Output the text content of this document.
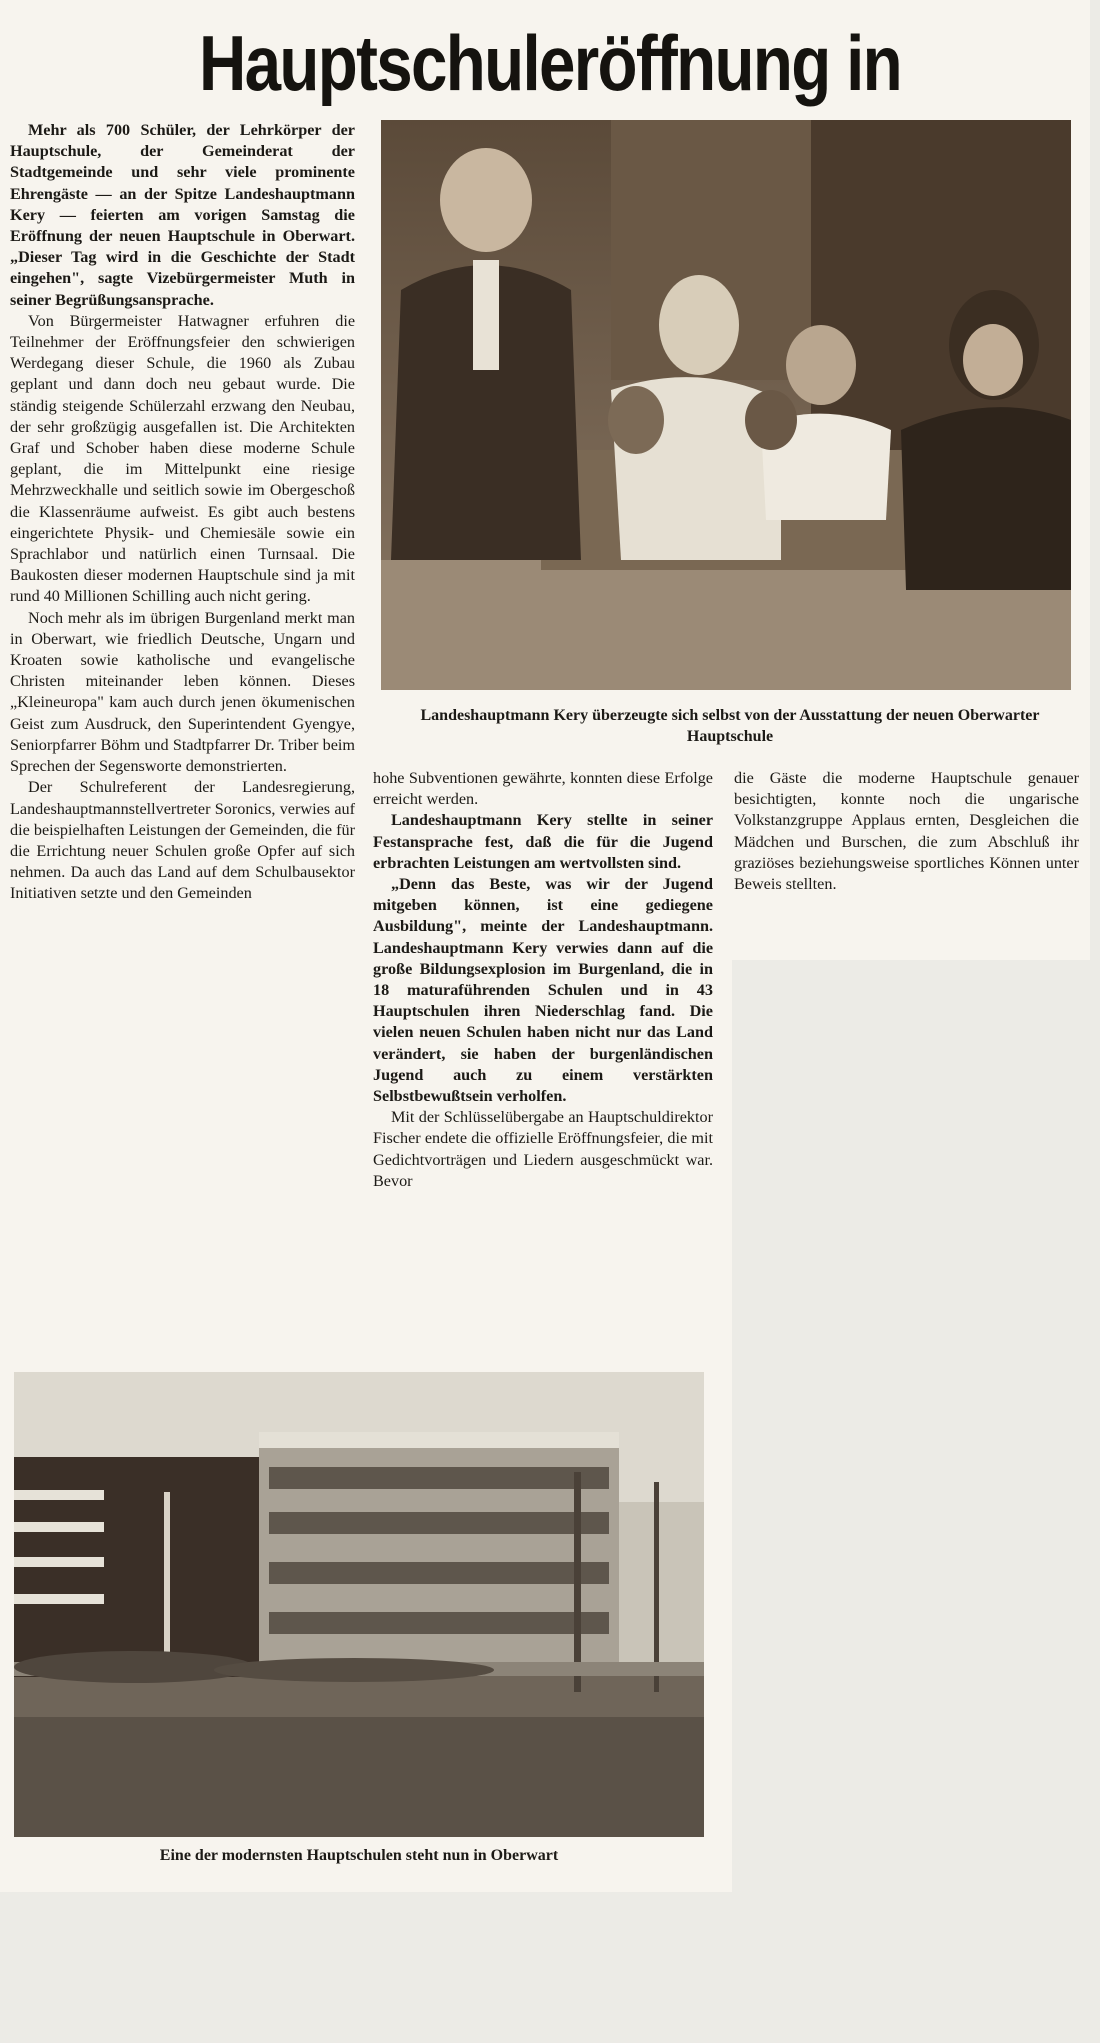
Hauptschuleröffnung in

Mehr als 700 Schüler, der Lehrkörper der Hauptschule, der Gemeinderat der Stadtgemeinde und sehr viele prominente Ehrengäste — an der Spitze Landeshauptmann Kery — feierten am vorigen Samstag die Eröffnung der neuen Hauptschule in Oberwart. „Dieser Tag wird in die Geschichte der Stadt eingehen", sagte Vizebürgermeister Muth in seiner Begrüßungsansprache.

Von Bürgermeister Hatwagner erfuhren die Teilnehmer der Eröffnungsfeier den schwierigen Werdegang dieser Schule, die 1960 als Zubau geplant und dann doch neu gebaut wurde. Die ständig steigende Schülerzahl erzwang den Neubau, der sehr großzügig ausgefallen ist. Die Architekten Graf und Schober haben diese moderne Schule geplant, die im Mittelpunkt eine riesige Mehrzweckhalle und seitlich sowie im Obergeschoß die Klassenräume aufweist. Es gibt auch bestens eingerichtete Physik- und Chemiesäle sowie ein Sprachlabor und natürlich einen Turnsaal. Die Baukosten dieser modernen Hauptschule sind ja mit rund 40 Millionen Schilling auch nicht gering.

Noch mehr als im übrigen Burgenland merkt man in Oberwart, wie friedlich Deutsche, Ungarn und Kroaten sowie katholische und evangelische Christen miteinander leben können. Dieses „Kleineuropa" kam auch durch jenen ökumenischen Geist zum Ausdruck, den Superintendent Gyengye, Seniorpfarrer Böhm und Stadtpfarrer Dr. Triber beim Sprechen der Segensworte demonstrierten.

Der Schulreferent der Landesregierung, Landeshauptmannstellvertreter Soronics, verwies auf die beispielhaften Leistungen der Gemeinden, die für die Errichtung neuer Schulen große Opfer auf sich nehmen. Da auch das Land auf dem Schulbausektor Initiativen setzte und den Gemeinden

Landeshauptmann Kery überzeugte sich selbst von der Ausstattung der neuen Oberwarter Hauptschule

hohe Subventionen gewährte, konnten diese Erfolge erreicht werden.

Landeshauptmann Kery stellte in seiner Festansprache fest, daß die für die Jugend erbrachten Leistungen am wertvollsten sind.

„Denn das Beste, was wir der Jugend mitgeben können, ist eine gediegene Ausbildung", meinte der Landeshauptmann. Landeshauptmann Kery verwies dann auf die große Bildungsexplosion im Burgenland, die in 18 maturaführenden Schulen und in 43 Hauptschulen ihren Niederschlag fand. Die vielen neuen Schulen haben nicht nur das Land verändert, sie haben der burgenländischen Jugend auch zu einem verstärkten Selbstbewußtsein verholfen.

Mit der Schlüsselübergabe an Hauptschuldirektor Fischer endete die offizielle Eröffnungsfeier, die mit Gedichtvorträgen und Liedern ausgeschmückt war. Bevor

die Gäste die moderne Hauptschule genauer besichtigten, konnte noch die ungarische Volkstanzgruppe Applaus ernten, Desgleichen die Mädchen und Burschen, die zum Abschluß ihr graziöses beziehungsweise sportliches Können unter Beweis stellten.

Eine der modernsten Hauptschulen steht nun in Oberwart
